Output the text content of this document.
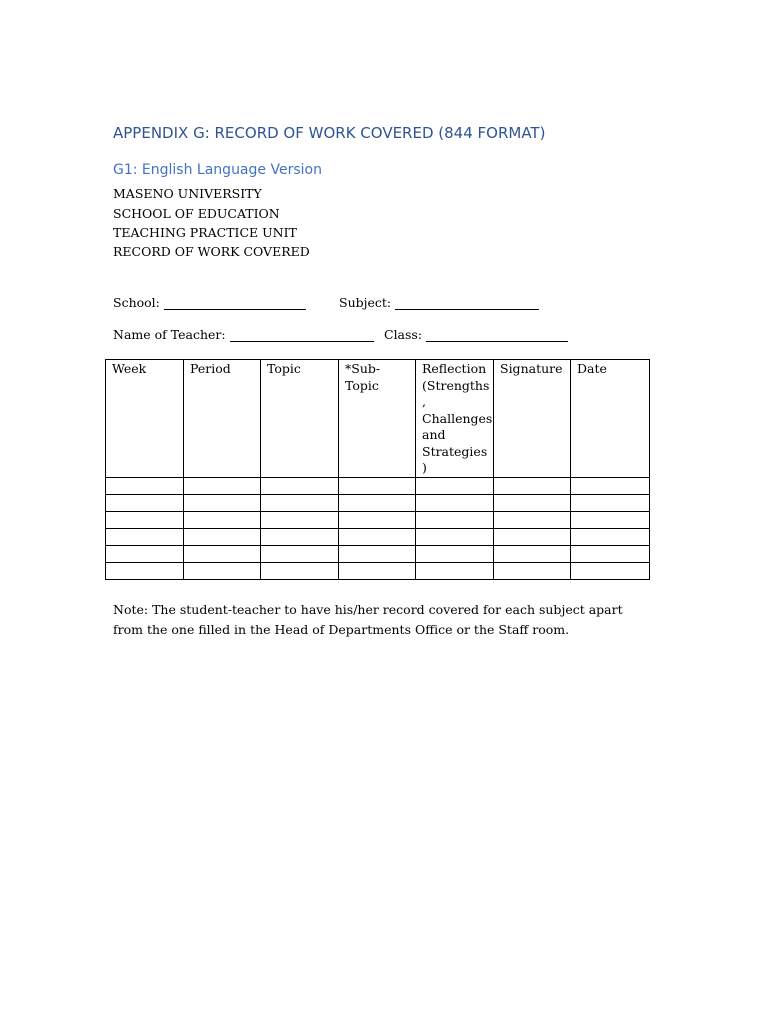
APPENDIX G: RECORD OF WORK COVERED (844 FORMAT)
G1: English Language Version
MASENO UNIVERSITY
SCHOOL OF EDUCATION
TEACHING PRACTICE UNIT
RECORD OF WORK COVERED
School:	Subject:
Name of Teacher:	Class:
Week	Period	Topic	*Sub-Topic	Reflection (Strengths , Challenges and Strategies )	Signature	Date

Note: The student-teacher to have his/her record covered for each subject apart from the one filled in the Head of Departments Office or the Staff room.
